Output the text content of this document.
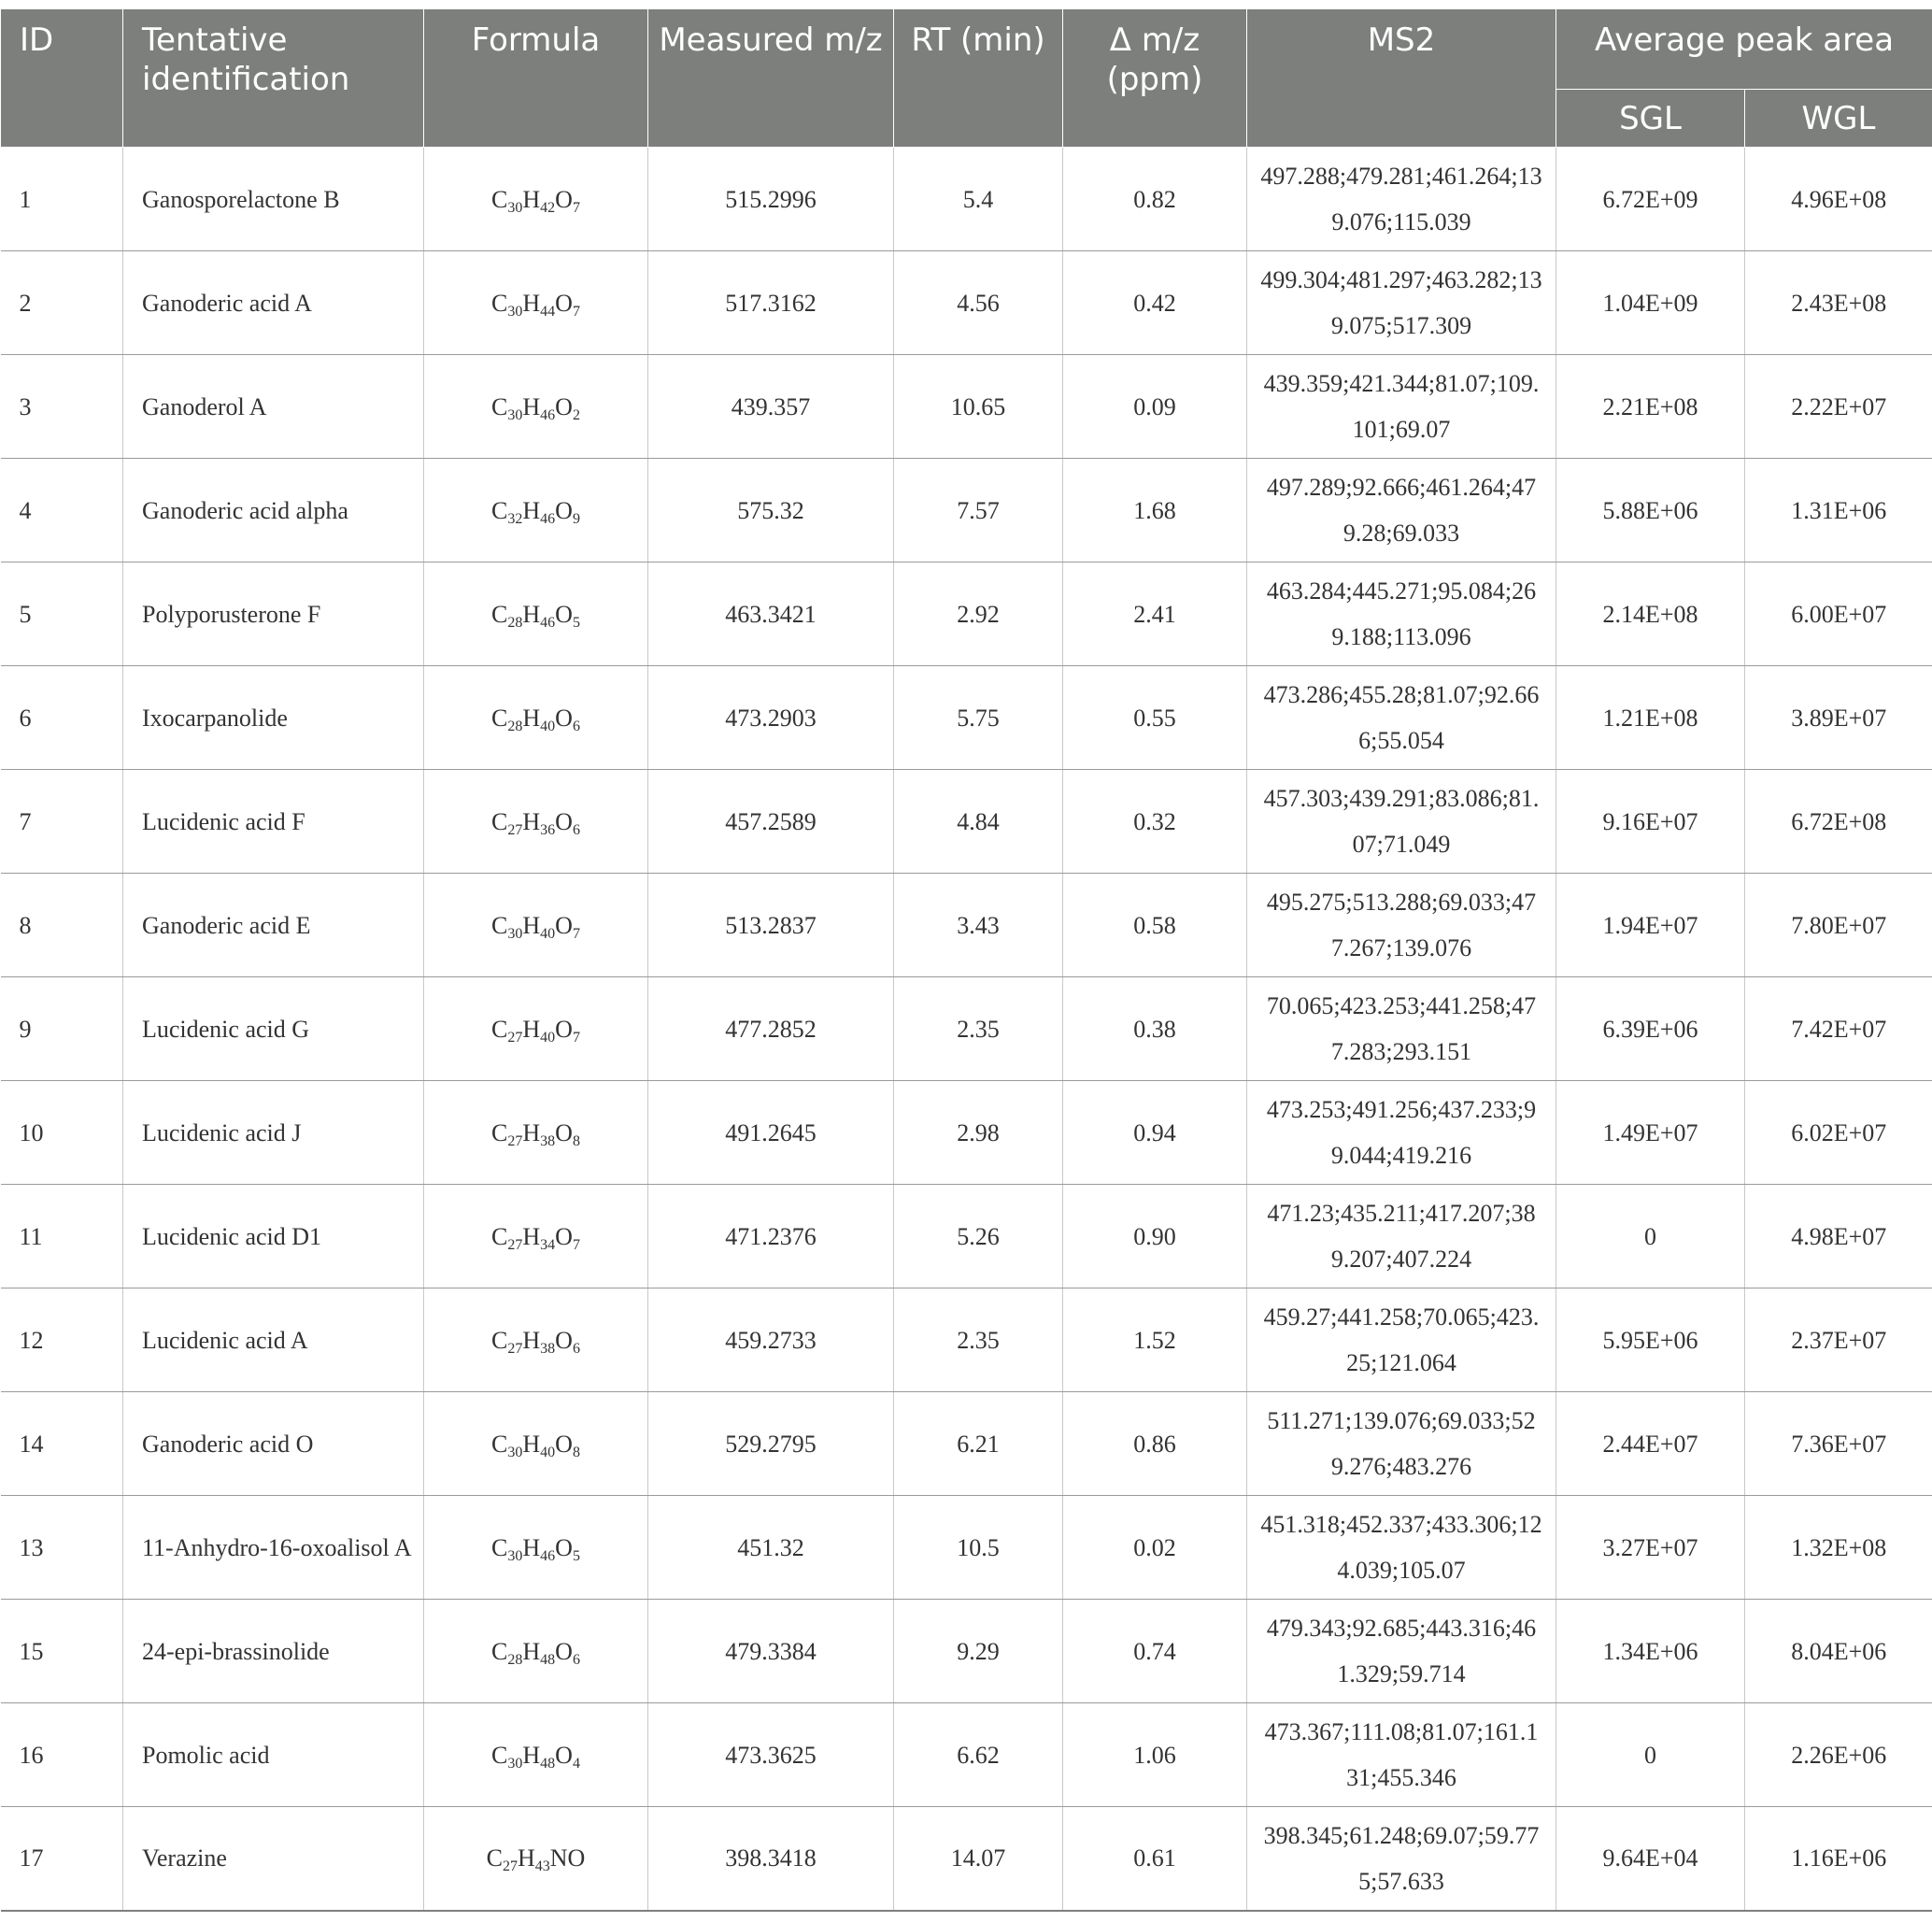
ID	Tentative identification	Formula	Measured m/z	RT (min)	Δ m/z (ppm)	MS2	Average peak area	
							SGL	WGL
1	Ganosporelactone B	$C_{30}H_{42}O_7$	515.2996	5.4	0.82	497.288;479.281;461.264;139.076;115.039	6.72E+09	4.96E+08
2	Ganoderic acid A	$C_{30}H_{44}O_7$	517.3162	4.56	0.42	499.304;481.297;463.282;139.075;517.309	1.04E+09	2.43E+08
3	Ganoderol A	$C_{30}H_{46}O_2$	439.357	10.65	0.09	439.359;421.344;81.07;109.101;69.07	2.21E+08	2.22E+07
4	Ganoderic acid alpha	$C_{32}H_{46}O_9$	575.32	7.57	1.68	497.289;92.666;461.264;479.28;69.033	5.88E+06	1.31E+06
5	Polyporusterone F	$C_{28}H_{46}O_5$	463.3421	2.92	2.41	463.284;445.271;95.084;269.188;113.096	2.14E+08	6.00E+07
6	Ixocarpanolide	$C_{28}H_{40}O_6$	473.2903	5.75	0.55	473.286;455.28;81.07;92.666;55.054	1.21E+08	3.89E+07
7	Lucidenic acid F	$C_{27}H_{36}O_6$	457.2589	4.84	0.32	457.303;439.291;83.086;81.07;71.049	9.16E+07	6.72E+08
8	Ganoderic acid E	$C_{30}H_{40}O_7$	513.2837	3.43	0.58	495.275;513.288;69.033;477.267;139.076	1.94E+07	7.80E+07
9	Lucidenic acid G	$C_{27}H_{40}O_7$	477.2852	2.35	0.38	70.065;423.253;441.258;477.283;293.151	6.39E+06	7.42E+07
10	Lucidenic acid J	$C_{27}H_{38}O_8$	491.2645	2.98	0.94	473.253;491.256;437.233;99.044;419.216	1.49E+07	6.02E+07
11	Lucidenic acid D1	$C_{27}H_{34}O_7$	471.2376	5.26	0.90	471.23;435.211;417.207;389.207;407.224	0	4.98E+07
12	Lucidenic acid A	$C_{27}H_{38}O_6$	459.2733	2.35	1.52	459.27;441.258;70.065;423.25;121.064	5.95E+06	2.37E+07
14	Ganoderic acid O	$C_{30}H_{40}O_8$	529.2795	6.21	0.86	511.271;139.076;69.033;529.276;483.276	2.44E+07	7.36E+07
13	11-Anhydro-16-oxoalisol A	$C_{30}H_{46}O_5$	451.32	10.5	0.02	451.318;452.337;433.306;124.039;105.07	3.27E+07	1.32E+08
15	24-epi-brassinolide	$C_{28}H_{48}O_6$	479.3384	9.29	0.74	479.343;92.685;443.316;461.329;59.714	1.34E+06	8.04E+06
16	Pomolic acid	$C_{30}H_{48}O_4$	473.3625	6.62	1.06	473.367;111.08;81.07;161.131;455.346	0	2.26E+06
17	Verazine	$C_{27}H_{43}NO$	398.3418	14.07	0.61	398.345;61.248;69.07;59.775;57.633	9.64E+04	1.16E+06
